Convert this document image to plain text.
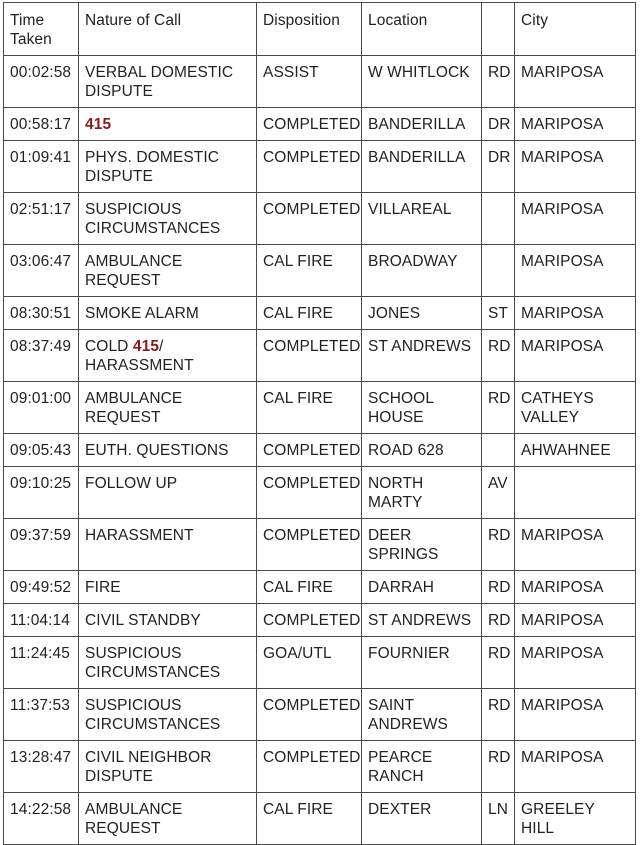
Time Taken	Nature of Call	Disposition	Location		City
00:02:58	VERBAL DOMESTIC DISPUTE	ASSIST	W WHITLOCK	RD	MARIPOSA
00:58:17	415	COMPLETED	BANDERILLA	DR	MARIPOSA
01:09:41	PHYS. DOMESTIC DISPUTE	COMPLETED	BANDERILLA	DR	MARIPOSA
02:51:17	SUSPICIOUS CIRCUMSTANCES	COMPLETED	VILLAREAL		MARIPOSA
03:06:47	AMBULANCE REQUEST	CAL FIRE	BROADWAY		MARIPOSA
08:30:51	SMOKE ALARM	CAL FIRE	JONES	ST	MARIPOSA
08:37:49	COLD 415/ HARASSMENT	COMPLETED	ST ANDREWS	RD	MARIPOSA
09:01:00	AMBULANCE REQUEST	CAL FIRE	SCHOOL HOUSE	RD	CATHEYS VALLEY
09:05:43	EUTH. QUESTIONS	COMPLETED	ROAD 628		AHWAHNEE
09:10:25	FOLLOW UP	COMPLETED	NORTH MARTY	AV	
09:37:59	HARASSMENT	COMPLETED	DEER SPRINGS	RD	MARIPOSA
09:49:52	FIRE	CAL FIRE	DARRAH	RD	MARIPOSA
11:04:14	CIVIL STANDBY	COMPLETED	ST ANDREWS	RD	MARIPOSA
11:24:45	SUSPICIOUS CIRCUMSTANCES	GOA/UTL	FOURNIER	RD	MARIPOSA
11:37:53	SUSPICIOUS CIRCUMSTANCES	COMPLETED	SAINT ANDREWS	RD	MARIPOSA
13:28:47	CIVIL NEIGHBOR DISPUTE	COMPLETED	PEARCE RANCH	RD	MARIPOSA
14:22:58	AMBULANCE REQUEST	CAL FIRE	DEXTER	LN	GREELEY HILL
